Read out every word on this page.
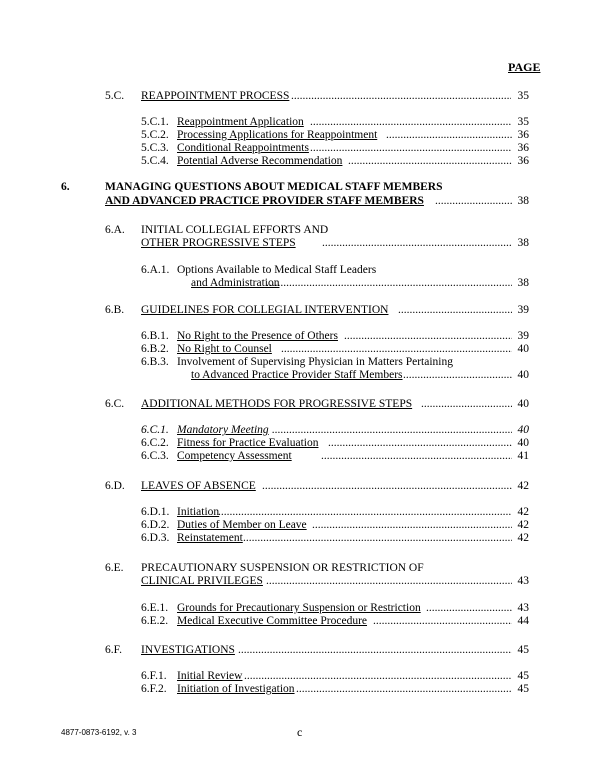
PAGE
5.C. REAPPOINTMENT PROCESS .....	35
5.C.1. Reappointment Application .....	35
5.C.2. Processing Applications for Reappointment .....	36
5.C.3. Conditional Reappointments .....	36
5.C.4. Potential Adverse Recommendation .....	36
6.	MANAGING QUESTIONS ABOUT MEDICAL STAFF MEMBERS
AND ADVANCED PRACTICE PROVIDER STAFF MEMBERS .....	38
6.A. INITIAL COLLEGIAL EFFORTS AND
OTHER PROGRESSIVE STEPS .....	38
6.A.1. Options Available to Medical Staff Leaders
and Administration .....	38
6.B. GUIDELINES FOR COLLEGIAL INTERVENTION .....	39
6.B.1. No Right to the Presence of Others .....	39
6.B.2. No Right to Counsel .....	40
6.B.3. Involvement of Supervising Physician in Matters Pertaining
to Advanced Practice Provider Staff Members .....	40
6.C. ADDITIONAL METHODS FOR PROGRESSIVE STEPS .....	40
6.C.1. Mandatory Meeting .....	40
6.C.2. Fitness for Practice Evaluation .....	40
6.C.3. Competency Assessment .....	41
6.D. LEAVES OF ABSENCE .....	42
6.D.1. Initiation .....	42
6.D.2. Duties of Member on Leave .....	42
6.D.3. Reinstatement .....	42
6.E. PRECAUTIONARY SUSPENSION OR RESTRICTION OF
CLINICAL PRIVILEGES .....	43
6.E.1. Grounds for Precautionary Suspension or Restriction .....	43
6.E.2. Medical Executive Committee Procedure .....	44
6.F. INVESTIGATIONS .....	45
6.F.1. Initial Review .....	45
6.F.2. Initiation of Investigation .....	45
4877-0873-6192, v. 3	c
